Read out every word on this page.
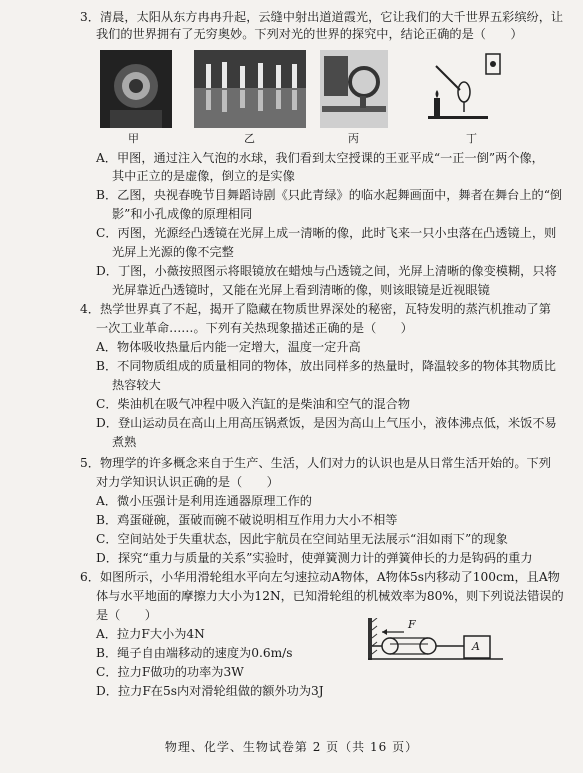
3．清晨，太阳从东方冉冉升起，云缝中射出道道霞光，它让我们的大千世界五彩缤纷，让
我们的世界拥有了无穷奥妙。下列对光的世界的探究中，结论正确的是（　　）
甲	乙	丙	丁
A．甲图，通过注入气泡的水球，我们看到太空授课的王亚平成“一正一倒”两个像，
其中正立的是虚像，倒立的是实像
B．乙图，央视春晚节目舞蹈诗剧《只此青绿》的临水起舞画面中，舞者在舞台上的“倒
影”和小孔成像的原理相同
C．丙图，光源经凸透镜在光屏上成一清晰的像，此时飞来一只小虫落在凸透镜上，则
光屏上光源的像不完整
D．丁图，小薇按照图示将眼镜放在蜡烛与凸透镜之间，光屏上清晰的像变模糊，只将
光屏靠近凸透镜时，又能在光屏上看到清晰的像，则该眼镜是近视眼镜
4．热学世界真了不起，揭开了隐藏在物质世界深处的秘密，瓦特发明的蒸汽机推动了第
一次工业革命……。下列有关热现象描述正确的是（　　）
A．物体吸收热量后内能一定增大，温度一定升高
B．不同物质组成的质量相同的物体，放出同样多的热量时，降温较多的物体其物质比
热容较大
C．柴油机在吸气冲程中吸入汽缸的是柴油和空气的混合物
D．登山运动员在高山上用高压锅煮饭，是因为高山上气压小，液体沸点低，米饭不易
煮熟
5．物理学的许多概念来自于生产、生活，人们对力的认识也是从日常生活开始的。下列
对力学知识认识正确的是（　　）
A．微小压强计是利用连通器原理工作的
B．鸡蛋碰碗，蛋破而碗不破说明相互作用力大小不相等
C．空间站处于失重状态，因此宇航员在空间站里无法展示“泪如雨下”的现象
D．探究“重力与质量的关系”实验时，使弹簧测力计的弹簧伸长的力是钩码的重力
6．如图所示，小华用滑轮组水平向左匀速拉动A物体，A物体5s内移动了100cm，且A物
体与水平地面的摩擦力大小为12N，已知滑轮组的机械效率为80%，则下列说法错误的
是（　　）
A．拉力F大小为4N
B．绳子自由端移动的速度为0.6m/s
C．拉力F做功的功率为3W
D．拉力F在5s内对滑轮组做的额外功为3J
F
A
物理、化学、生物试卷第 2 页（共 16 页）
